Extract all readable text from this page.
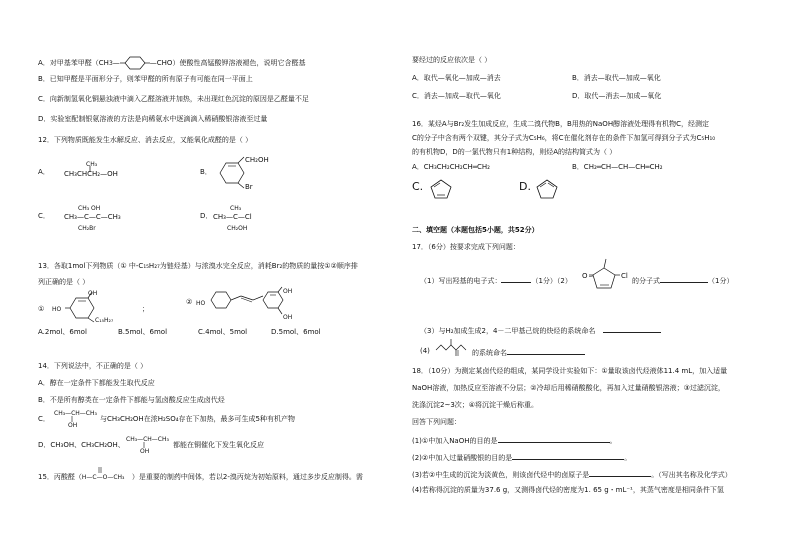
A．对甲基苯甲醛（CH3—	—CHO）使酸性高锰酸钾溶液褪色，说明它含醛基
B．已知甲醛是平面形分子，则苯甲醛的所有原子有可能在同一平面上
C．向新制氢氧化铜悬浊液中滴入乙醛溶液并加热，未出现红色沉淀的原因是乙醛量不足
D．实验室配制银氨溶液的方法是向稀氨水中逐滴滴入稀硝酸银溶液至过量
12．下列物质既能发生水解反应、消去反应，又能氧化成醛的是（ ）
A．
CH₃
CH₃CHCH₂—OH	B．
CH₂OH
Br
C．
CH₃ OH
CH₃—C—C—CH₃
CH₂Br
D．
CH₃
CH₃—C—Cl
CH₂OH
13．各取1mol下列物质（① 中-C₁₅H₂₇为链烃基）与浓溴水完全反应，消耗Br₂的物质的量按①②顺序排
列正确的是（ ）
①
OH
HO
C₁₅H₂₇
；
② HO
OH
OH
A.2mol、6mol	B.5mol、6mol	C.4mol、5mol	D.5mol、6mol
14．下列说法中，不正确的是（ ）
A．醇在一定条件下都能发生取代反应
B．不是所有醇类在一定条件下都能与氢卤酸反应生成卤代烃
C．
CH₃—CH—CH₃
OH
与CH₃CH₂OH在浓H₂SO₄存在下加热，最多可生成5种有机产物
D．CH₃OH、CH₃CH₂OH、
CH₃—CH—CH₃
OH
都能在铜催化下发生氧化反应
15．丙酸醛（
H—C—O—CH₃ ）是重要的制药中间体，若以2-溴丙烷为初始原料，通过多步反应制得。需
要经过的反应依次是（ ）
A．取代—氧化—加成—消去	B．消去—取代—加成—氧化
C．消去—加成—取代—氧化	D．取代—消去—加成—氧化
16．某烃A与Br₂发生加成反应，生成二溴代物B，B用热的NaOH醇溶液处理得有机物C，经测定
C的分子中含有两个双键，其分子式为C₅H₆，将C在催化剂存在的条件下加氢可得到分子式为C₅H₁₀
的有机物D，D的一氯代物只有1种结构，则烃A的结构简式为（ ）
A．CH₃CH₂CH₂CH═CH₂	B．CH₂═CH—CH—CH═CH₂
C.	D.
二、填空题（本题包括5小题，共52分）
17．（6分）按要求完成下列问题：
（1）写出羟基的电子式：	（1分）（2）
O	Cl
的分子式	（1分）
（3）与H₂加成生成2，4－二甲基己烷的炔烃的系统命名
(4)	的系统命名
18．（10分）为测定某卤代烃的组成，某同学设计实验如下：①量取该卤代烃液体11.4 mL，加入适量
NaOH溶液，加热反应至溶液不分层；②冷却后用稀硝酸酸化，再加入过量硝酸银溶液；③过滤沉淀，
洗涤沉淀2~3次；④将沉淀干燥后称重。
回答下列问题：
(1)①中加入NaOH的目的是	。
(2)②中加入过量硝酸银的目的是	。
(3)若②中生成的沉淀为淡黄色，则该卤代烃中的卤原子是	。（写出其名称及化学式）
(4)若称得沉淀的质量为37.6 g，又测得卤代烃的密度为1. 65 g・mL⁻¹，其蒸气密度是相同条件下氢
